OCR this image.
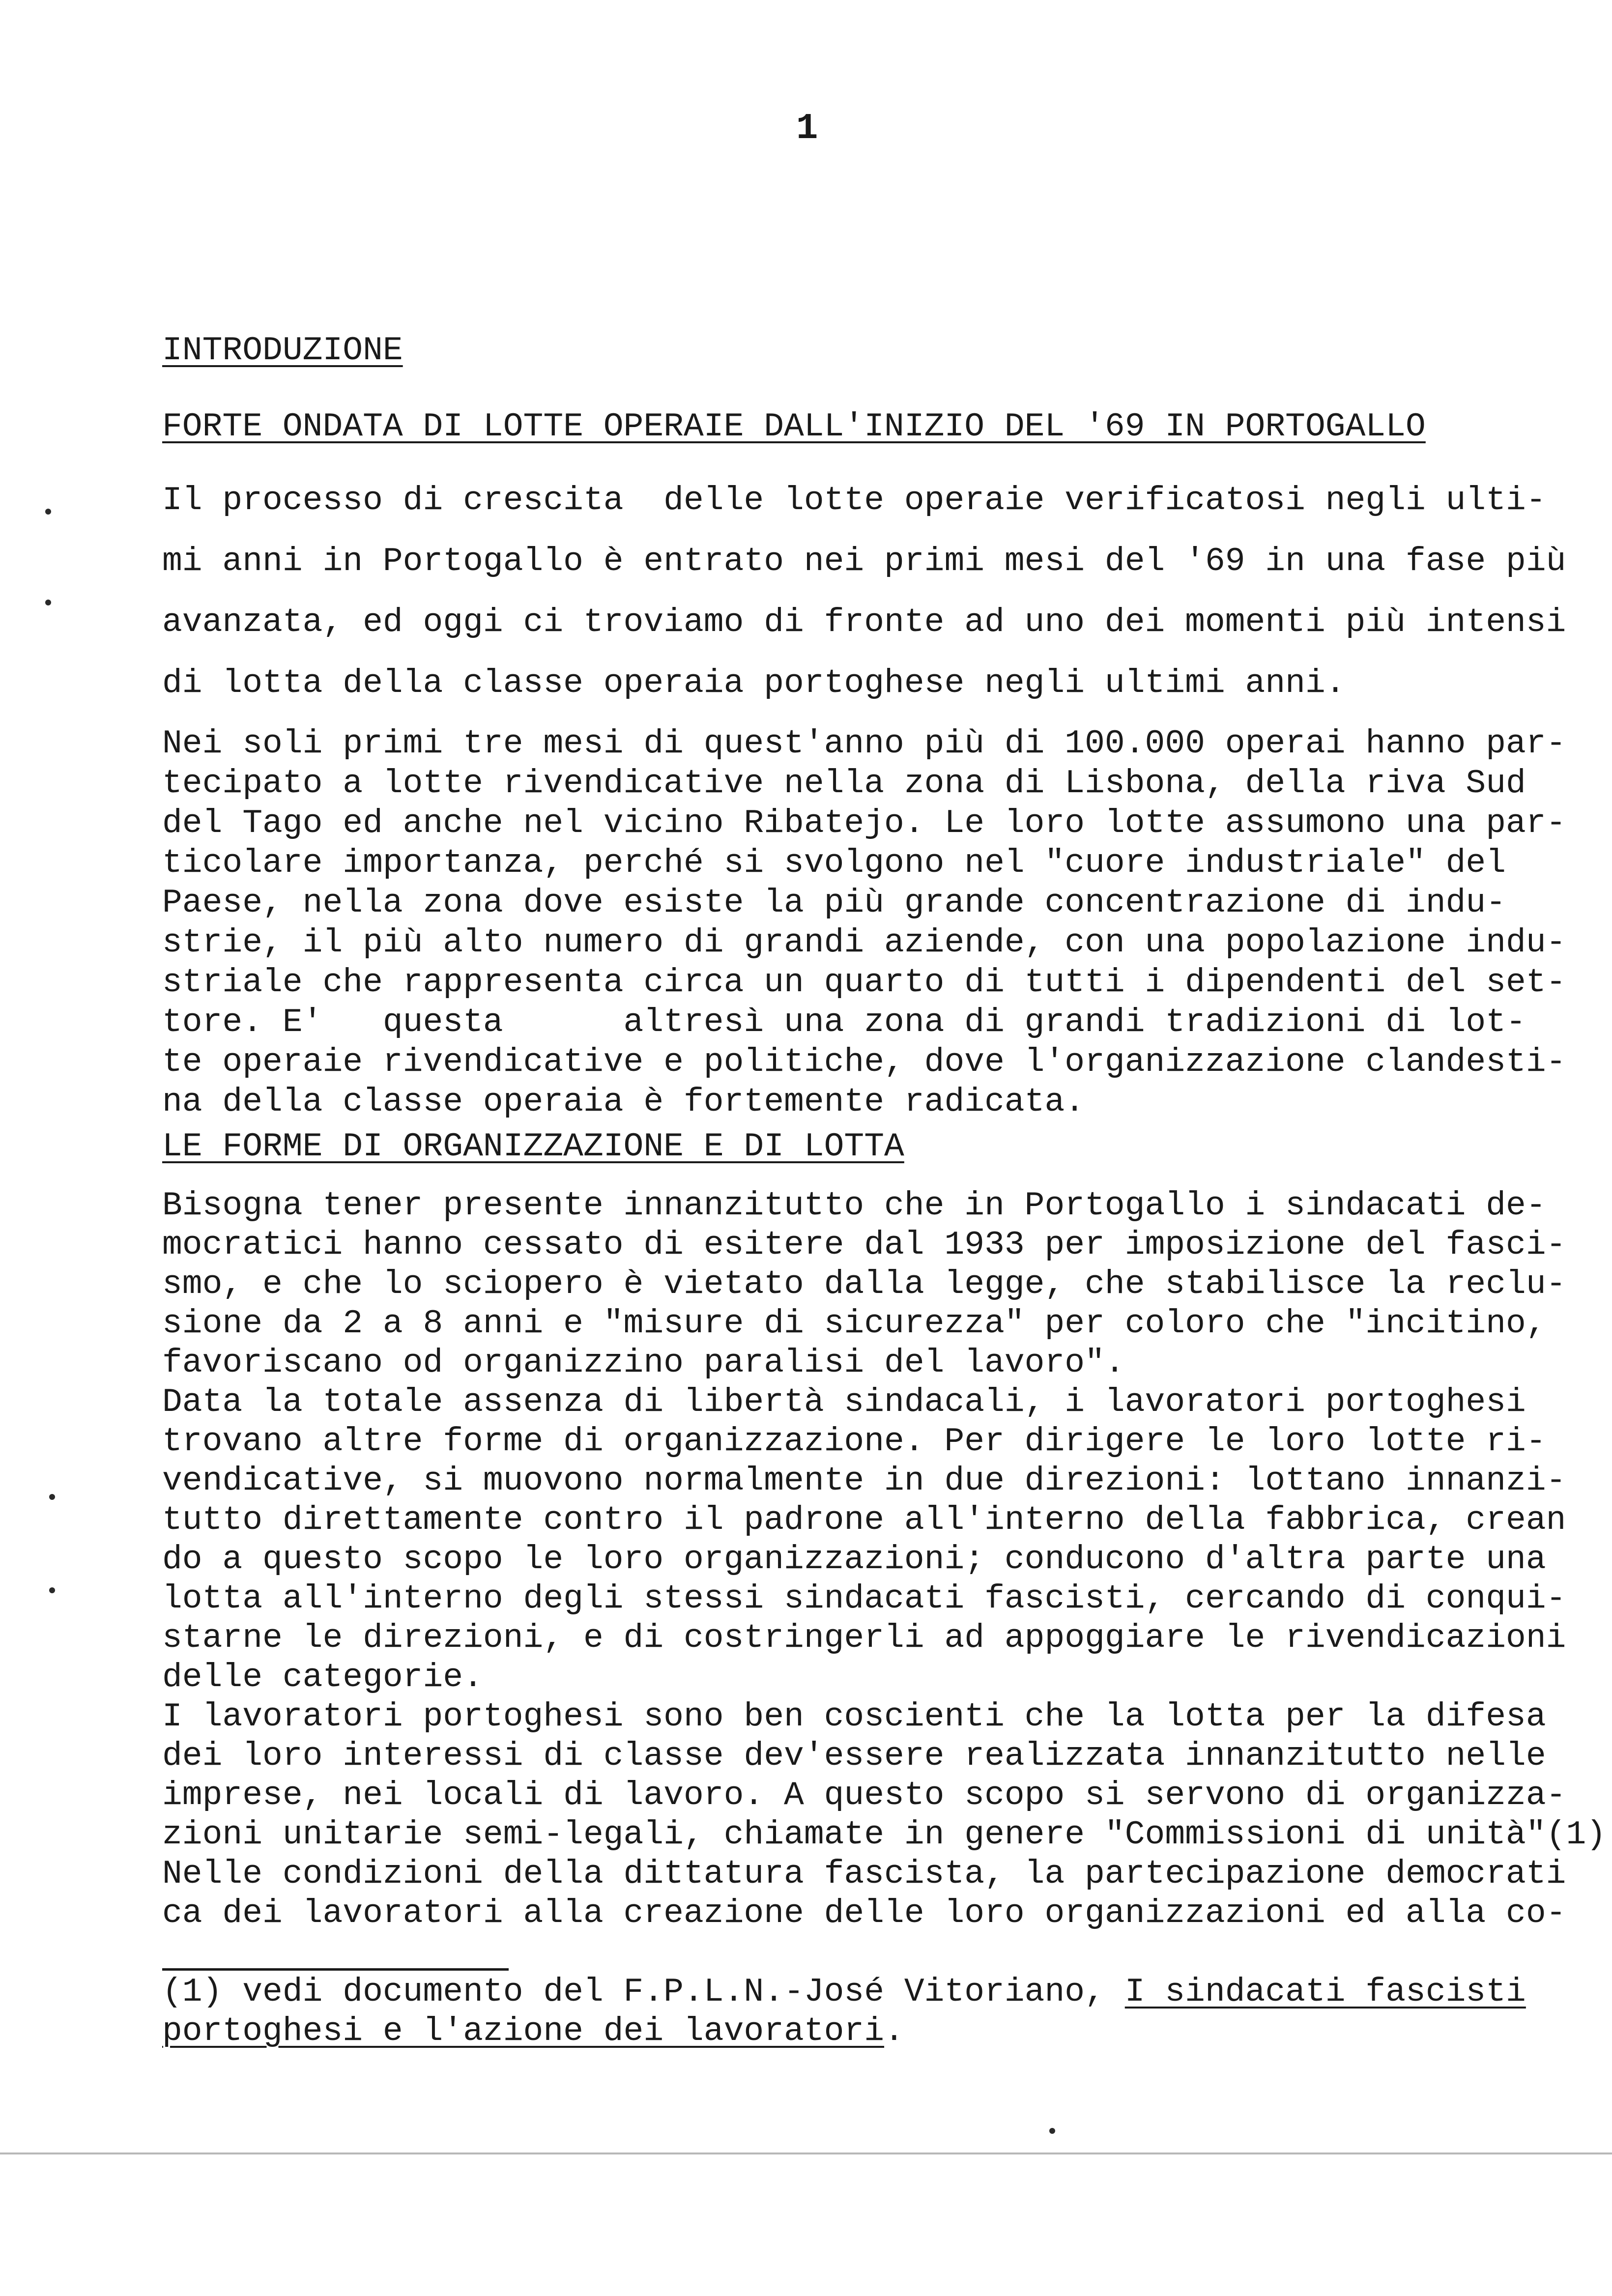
1
INTRODUZIONE
FORTE ONDATA DI LOTTE OPERAIE DALL'INIZIO DEL '69 IN PORTOGALLO
Il processo di crescita  delle lotte operaie verificatosi negli ulti-
mi anni in Portogallo è entrato nei primi mesi del '69 in una fase più
avanzata, ed oggi ci troviamo di fronte ad uno dei momenti più intensi
di lotta della classe operaia portoghese negli ultimi anni.
Nei soli primi tre mesi di quest'anno più di 100.000 operai hanno par-
tecipato a lotte rivendicative nella zona di Lisbona, della riva Sud
del Tago ed anche nel vicino Ribatejo. Le loro lotte assumono una par-
ticolare importanza, perché si svolgono nel "cuore industriale" del
Paese, nella zona dove esiste la più grande concentrazione di indu-
strie, il più alto numero di grandi aziende, con una popolazione indu-
striale che rappresenta circa un quarto di tutti i dipendenti del set-
tore. E'   questa      altresì una zona di grandi tradizioni di lot-
te operaie rivendicative e politiche, dove l'organizzazione clandesti-
na della classe operaia è fortemente radicata.
LE FORME DI ORGANIZZAZIONE E DI LOTTA
Bisogna tener presente innanzitutto che in Portogallo i sindacati de-
mocratici hanno cessato di esitere dal 1933 per imposizione del fasci-
smo, e che lo sciopero è vietato dalla legge, che stabilisce la reclu-
sione da 2 a 8 anni e "misure di sicurezza" per coloro che "incitino,
favoriscano od organizzino paralisi del lavoro".
Data la totale assenza di libertà sindacali, i lavoratori portoghesi
trovano altre forme di organizzazione. Per dirigere le loro lotte ri-
vendicative, si muovono normalmente in due direzioni: lottano innanzi-
tutto direttamente contro il padrone all'interno della fabbrica, crean
do a questo scopo le loro organizzazioni; conducono d'altra parte una
lotta all'interno degli stessi sindacati fascisti, cercando di conqui-
starne le direzioni, e di costringerli ad appoggiare le rivendicazioni
delle categorie.
I lavoratori portoghesi sono ben coscienti che la lotta per la difesa
dei loro interessi di classe dev'essere realizzata innanzitutto nelle
imprese, nei locali di lavoro. A questo scopo si servono di organizza-
zioni unitarie semi-legali, chiamate in genere "Commissioni di unità"(1)
Nelle condizioni della dittatura fascista, la partecipazione democrati
ca dei lavoratori alla creazione delle loro organizzazioni ed alla co-
(1) vedi documento del F.P.L.N.-José Vitoriano, I sindacati fascisti
portoghesi e l'azione dei lavoratori.
